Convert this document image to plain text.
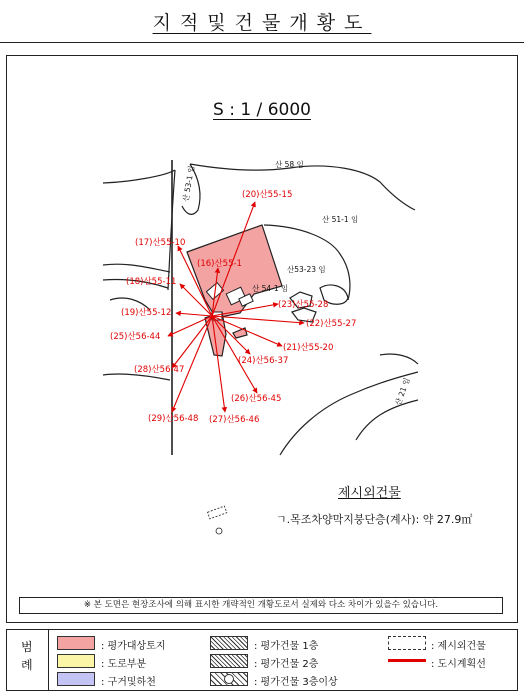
지적및건물개황도
S : 1 / 6000
산 58 임
산 51-1 임
산 54-1 임
산 21 임
산53-23 임
산 53-1 임	(20)산55-15
(17)산55-10
(16)산55-1
(18)산55-11
(23)산55-28
(19)산55-12
(22)산55-27
(25)산56-44
(21)산55-20
(24)산56-37
(28)산56-47
(26)산56-45
(29)산56-48 (27)산56-46
제시외건물
ㄱ.목조차양막지붕단층(계사): 약 27.9㎡
※ 본 도면은 현장조사에 의해 표시한 개략적인 개황도로서 실제와 다소 차이가 있을수 있습니다.
범례
: 평가대상토지
: 도로부분
: 구거및하천
: 평가건물 1층
: 평가건물 2층
: 평가건물 3층이상
: 제시외건물
: 도시계획선
